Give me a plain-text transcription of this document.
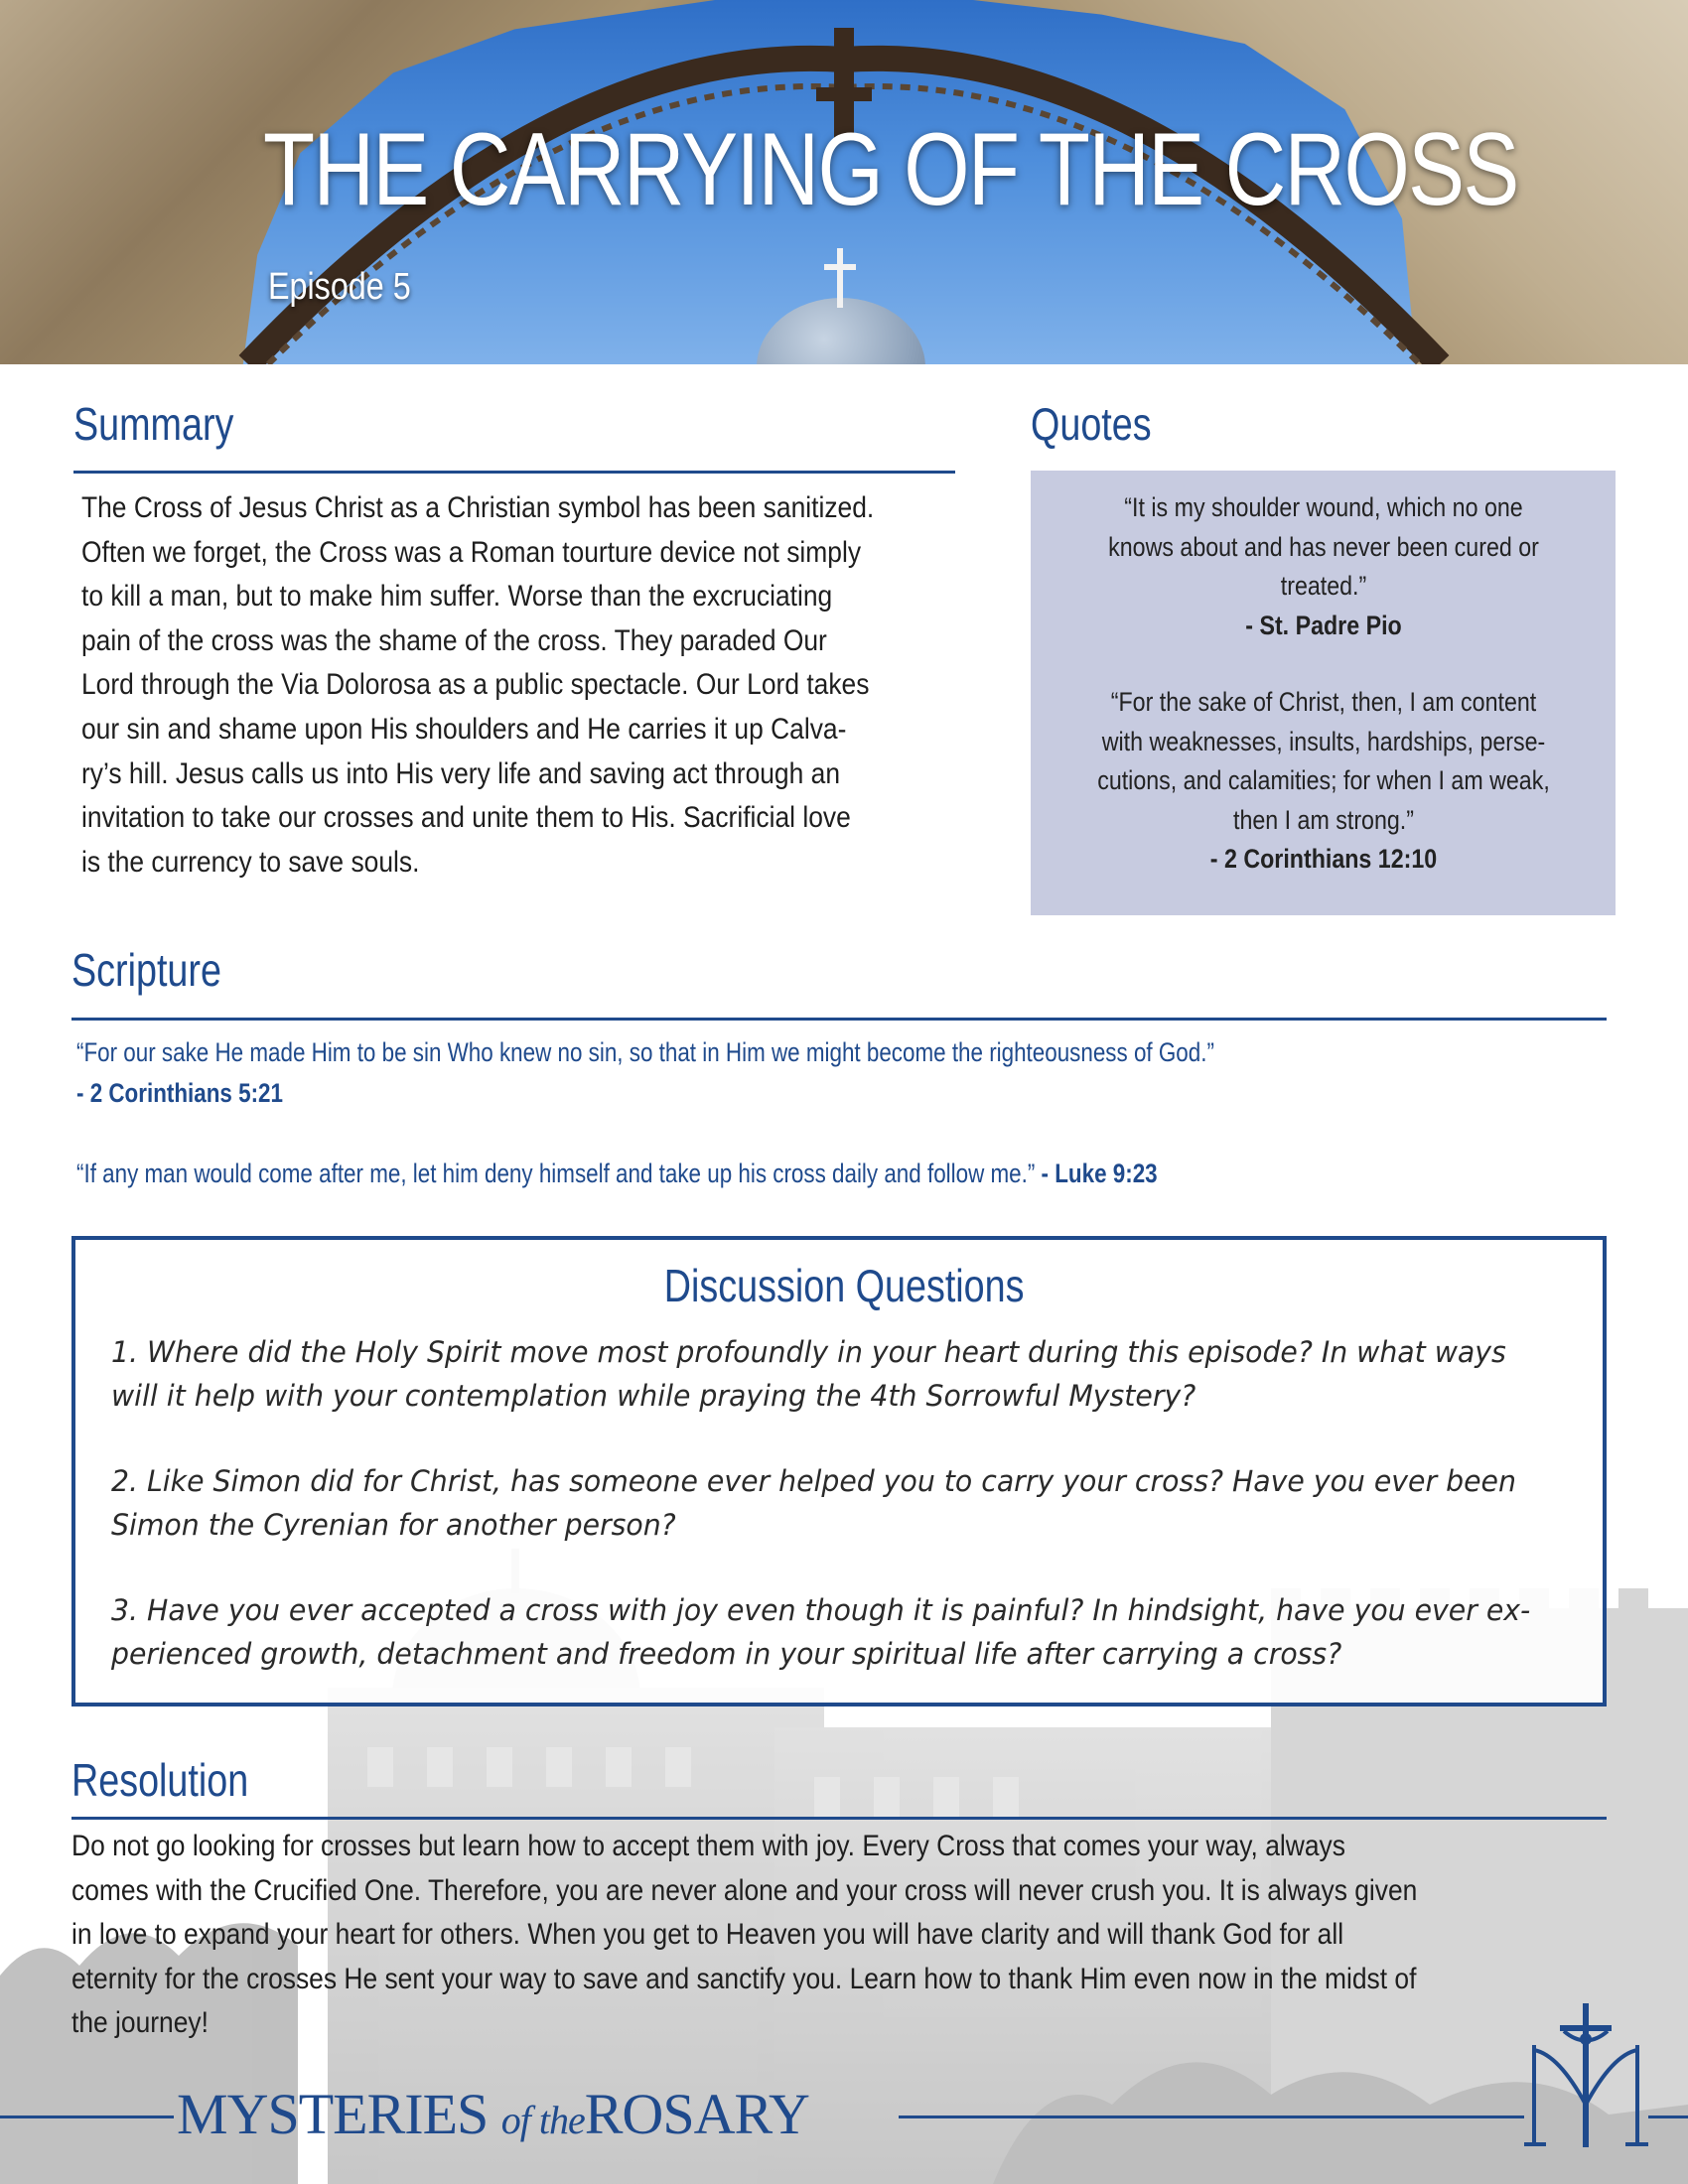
THE CARRYING OF THE CROSS
Episode 5
Summary
The Cross of Jesus Christ as a Christian symbol has been sanitized.
Often we forget, the Cross was a Roman tourture device not simply
to kill a man, but to make him suffer. Worse than the excruciating
pain of the cross was the shame of the cross. They paraded Our
Lord through the Via Dolorosa as a public spectacle. Our Lord takes
our sin and shame upon His shoulders and He carries it up Calva-
ry’s hill. Jesus calls us into His very life and saving act through an
invitation to take our crosses and unite them to His. Sacrificial love
is the currency to save souls.
Quotes
“It is my shoulder wound, which no one
knows about and has never been cured or
treated.”
- St. Padre Pio
“For the sake of Christ, then, I am content
with weaknesses, insults, hardships, perse-
cutions, and calamities; for when I am weak,
then I am strong.”
- 2 Corinthians 12:10
Scripture
“For our sake He made Him to be sin Who knew no sin, so that in Him we might become the righteousness of God.”
- 2 Corinthians 5:21
“If any man would come after me, let him deny himself and take up his cross daily and follow me.” - Luke 9:23
Discussion Questions
1. Where did the Holy Spirit move most profoundly in your heart during this episode? In what ways
will it help with your contemplation while praying the 4th Sorrowful Mystery?
2. Like Simon did for Christ, has someone ever helped you to carry your cross? Have you ever been
Simon the Cyrenian for another person?
3. Have you ever accepted a cross with joy even though it is painful? In hindsight, have you ever ex-
perienced growth, detachment and freedom in your spiritual life after carrying a cross?
Resolution
Do not go looking for crosses but learn how to accept them with joy. Every Cross that comes your way, always
comes with the Crucified One. Therefore, you are never alone and your cross will never crush you. It is always given
in love to expand your heart for others. When you get to Heaven you will have clarity and will thank God for all
eternity for the crosses He sent your way to save and sanctify you. Learn how to thank Him even now in the midst of
the journey!
MYSTERIES of theROSARY
